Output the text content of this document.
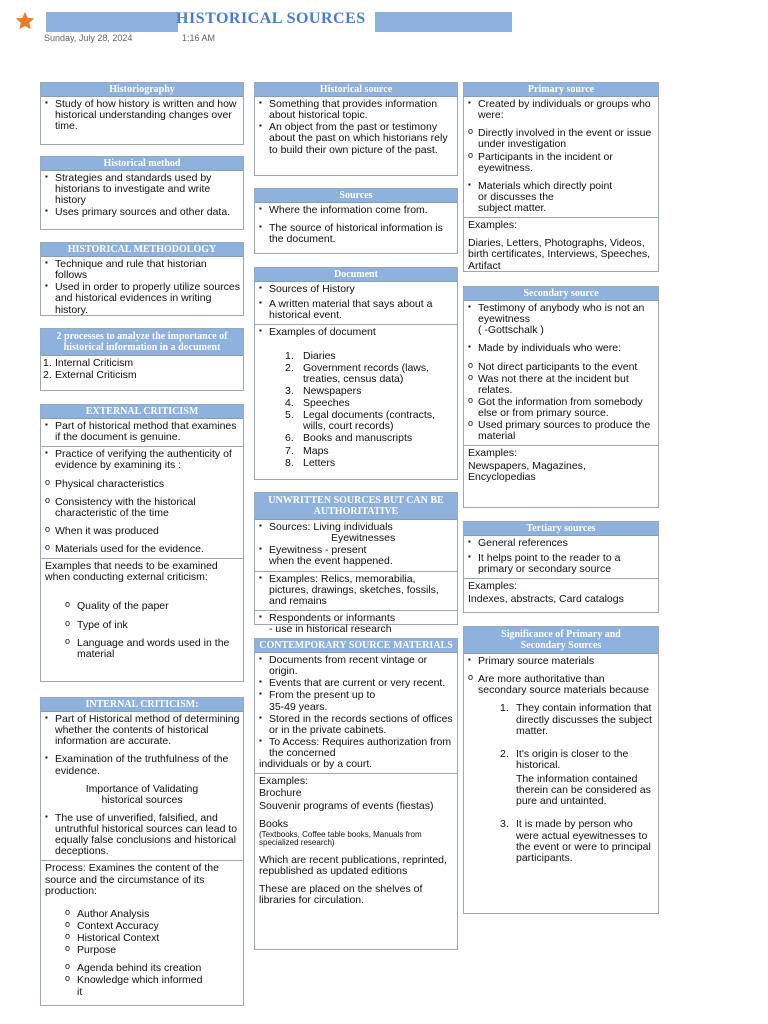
HISTORICAL SOURCES
Sunday, July 28, 2024	1:16 AM
Historiography
▪ Study of how history is written and how historical understanding changes over time.
Historical method
▪ Strategies and standards used by historians to investigate and write history
▪ Uses primary sources and other data.
HISTORICAL METHODOLOGY
▪ Technique and rule that historian follows
▪ Used in order to properly utilize sources and historical evidences in writing history.
2 processes to analyze the importance of historical information in a document
1. Internal Criticism
2. External Criticism
EXTERNAL CRITICISM
▪ Part of historical method that examines if the document is genuine.
▪ Practice of verifying the authenticity of evidence by examining its :
o Physical characteristics
o Consistency with the historical characteristic of the time
o When it was produced
o Materials used for the evidence.

Examples that needs to be examined when conducting external criticism:

o Quality of the paper
o Type of ink
o Language and words used in the material
INTERNAL CRITICISM:
▪ Part of Historical method of determining whether the contents of historical information are accurate.
▪ Examination of the truthfulness of the evidence.

Importance of Validating historical sources

▪ The use of unverified, falsified, and untruthful historical sources can lead to equally false conclusions and historical deceptions.

Process: Examines the content of the source and the circumstance of its production:

o Author Analysis
o Context Accuracy
o Historical Context
o Purpose
o Agenda behind its creation
o Knowledge which informed it
Historical source
▪ Something that provides information about historical topic.
▪ An object from the past or testimony about the past on which historians rely to build their own picture of the past.
Sources
▪ Where the information come from.
▪ The source of historical information is the document.
Document
▪ Sources of History
▪ A written material that says about a historical event.
▪ Examples of document
1. Diaries
2. Government records (laws, treaties, census data)
3. Newspapers
4. Speeches
5. Legal documents (contracts, wills, court records)
6. Books and manuscripts
7. Maps
8. Letters
UNWRITTEN SOURCES BUT CAN BE AUTHORITATIVE
▪ Sources: Living individuals
Eyewitnesses
▪ Eyewitness - present
when the event happened.
▪ Examples: Relics, memorabilia, pictures, drawings, sketches, fossils, and remains
▪ Respondents or informants
- use in historical research
CONTEMPORARY SOURCE MATERIALS
▪ Documents from recent vintage or origin.
▪ Events that are current or very recent.
▪ From the present up to
35-49 years.
▪ Stored in the records sections of offices or in the private cabinets.
▪ To Access: Requires authorization from the concerned
individuals or by a court.

Examples:

Brochure

Souvenir programs of events (fiestas)

Books

(Textbooks, Coffee table books, Manuals from specialized research)

Which are recent publications, reprinted, republished as updated editions

These are placed on the shelves of libraries for circulation.

Primary source
▪ Created by individuals or groups who were:
o Directly involved in the event or issue under investigation
o Participants in the incident or eyewitness.
▪ Materials which directly point
or discusses the
subject matter.

Examples:

Diaries, Letters, Photographs, Videos, birth certificates, Interviews, Speeches, Artifact

Secondary source
▪ Testimony of anybody who is not an eyewitness
( -Gottschalk )
▪ Made by individuals who were:
o Not direct participants to the event
o Was not there at the incident but relates.
o Got the information from somebody else or from primary source.
o Used primary sources to produce the material

Examples:

Newspapers, Magazines, Encyclopedias

Tertiary sources
▪ General references
▪ It helps point to the reader to a primary or secondary source

Examples:

Indexes, abstracts, Card catalogs

Significance of Primary and Secondary Sources
▪ Primary source materials
o Are more authoritative than secondary source materials because
1. They contain information that directly discusses the subject matter.
2. It's origin is closer to the historical.
The information contained therein can be considered as pure and untainted.
3. It is made by person who were actual eyewitnesses to the event or were to principal participants.
